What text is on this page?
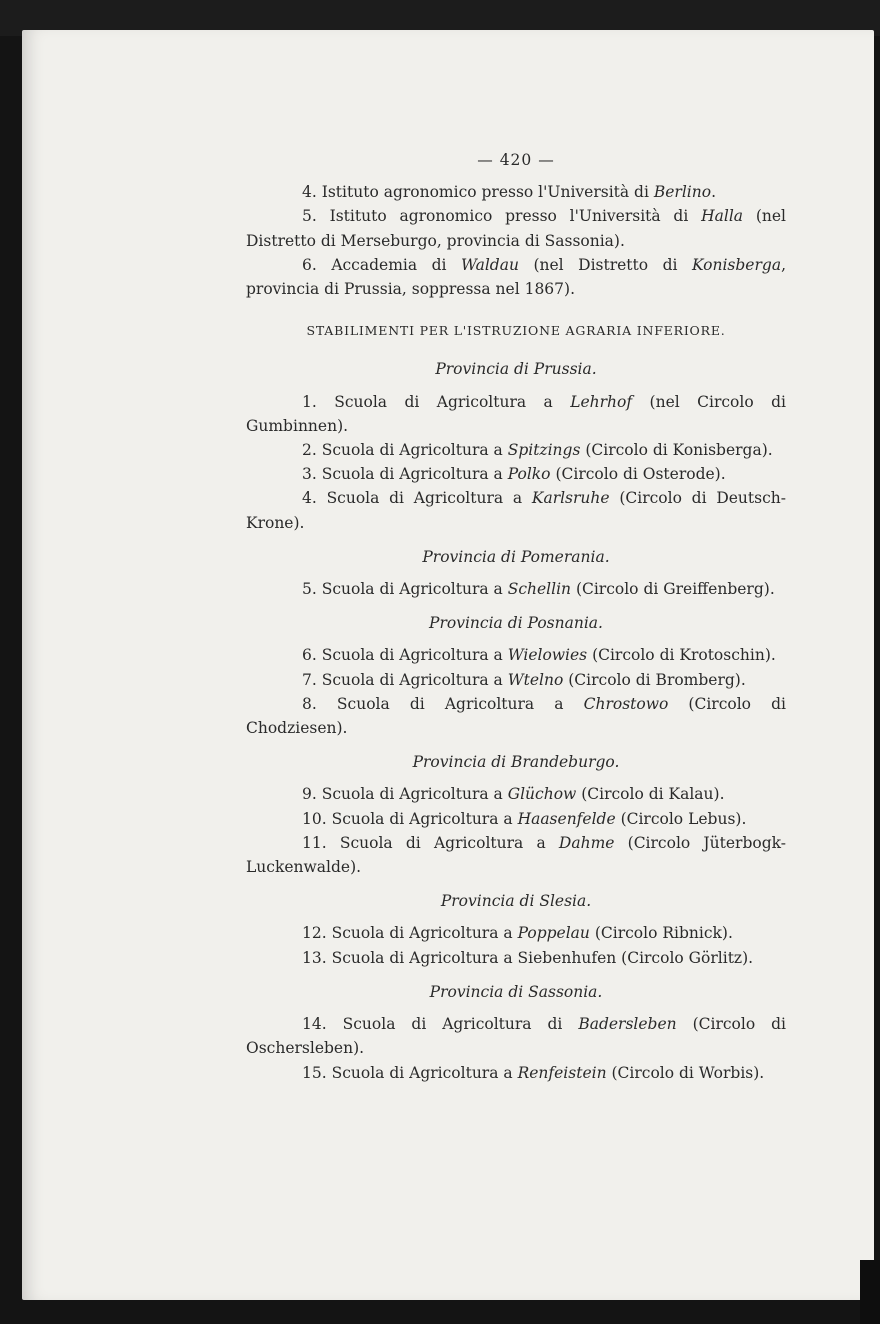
— 420 —

4. Istituto agronomico presso l'Università di Berlino.

5. Istituto agronomico presso l'Università di Halla (nel Distretto di Merseburgo, provincia di Sassonia).

6. Accademia di Waldau (nel Distretto di Konisberga, provincia di Prussia, soppressa nel 1867).

STABILIMENTI PER L'ISTRUZIONE AGRARIA INFERIORE.
Provincia di Prussia.

1. Scuola di Agricoltura a Lehrhof (nel Circolo di Gumbinnen).

2. Scuola di Agricoltura a Spitzings (Circolo di Konisberga).

3. Scuola di Agricoltura a Polko (Circolo di Osterode).

4. Scuola di Agricoltura a Karlsruhe (Circolo di Deutsch-Krone).

Provincia di Pomerania.

5. Scuola di Agricoltura a Schellin (Circolo di Greiffenberg).

Provincia di Posnania.

6. Scuola di Agricoltura a Wielowies (Circolo di Krotoschin).

7. Scuola di Agricoltura a Wtelno (Circolo di Bromberg).

8. Scuola di Agricoltura a Chrostowo (Circolo di Chodziesen).

Provincia di Brandeburgo.

9. Scuola di Agricoltura a Glüchow (Circolo di Kalau).

10. Scuola di Agricoltura a Haasenfelde (Circolo Lebus).

11. Scuola di Agricoltura a Dahme (Circolo Jüterbogk-Luckenwalde).

Provincia di Slesia.

12. Scuola di Agricoltura a Poppelau (Circolo Ribnick).

13. Scuola di Agricoltura a Siebenhufen (Circolo Görlitz).

Provincia di Sassonia.

14. Scuola di Agricoltura di Badersleben (Circolo di Oschersleben).

15. Scuola di Agricoltura a Renfeistein (Circolo di Worbis).
